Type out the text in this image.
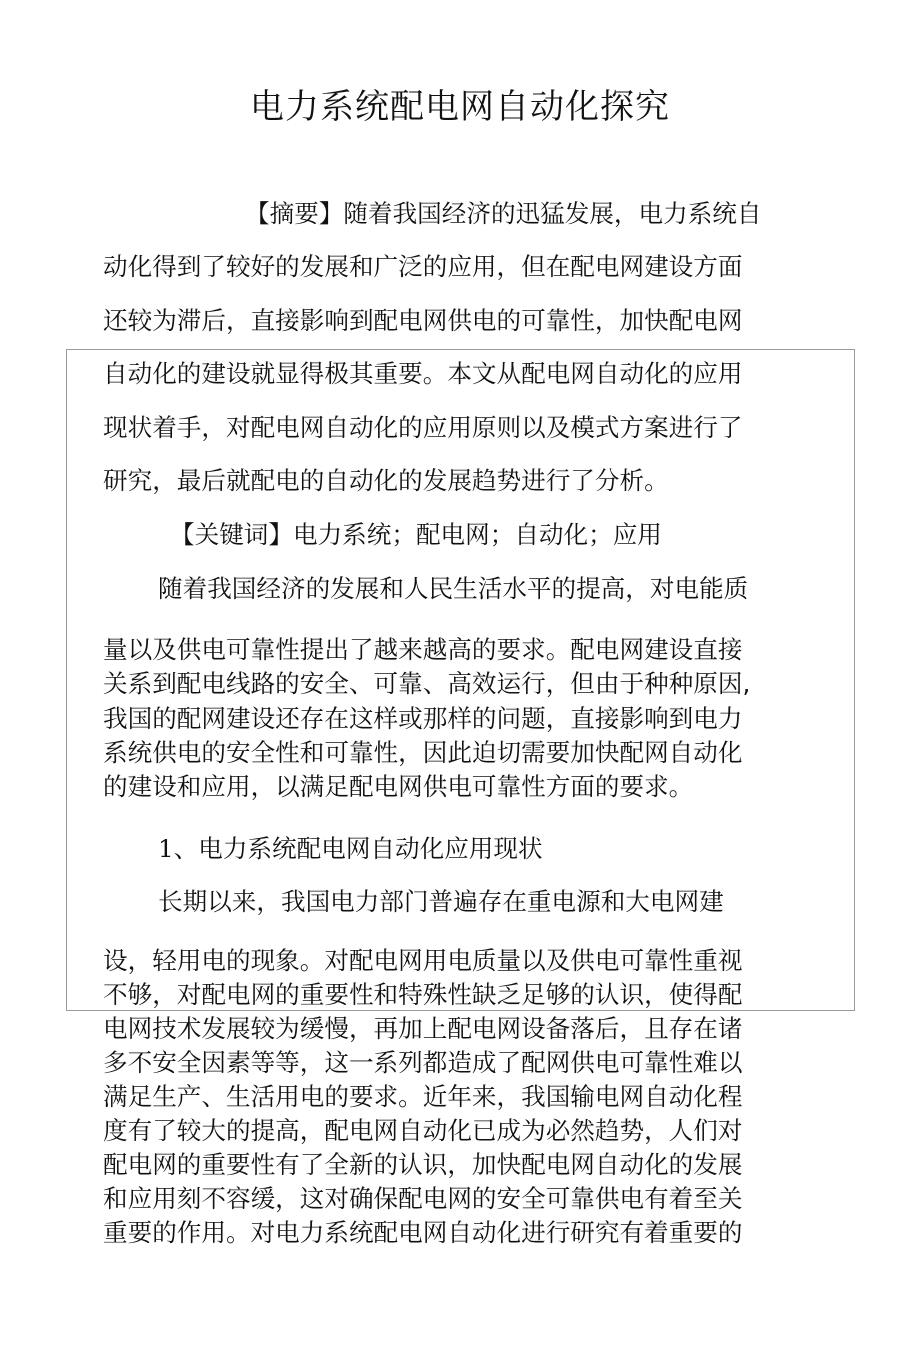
电力系统配电网自动化探究
【摘要】随着我国经济的迅猛发展，电力系统自
动化得到了较好的发展和广泛的应用，但在配电网建设方面
还较为滞后，直接影响到配电网供电的可靠性，加快配电网
自动化的建设就显得极其重要。本文从配电网自动化的应用
现状着手，对配电网自动化的应用原则以及模式方案进行了
研究，最后就配电的自动化的发展趋势进行了分析。
【关键词】电力系统；配电网；自动化；应用
随着我国经济的发展和人民生活水平的提高，对电能质
量以及供电可靠性提出了越来越高的要求。配电网建设直接
关系到配电线路的安全、可靠、高效运行，但由于种种原因,
我国的配网建设还存在这样或那样的问题，直接影响到电力
系统供电的安全性和可靠性，因此迫切需要加快配网自动化
的建设和应用，以满足配电网供电可靠性方面的要求。
1、电力系统配电网自动化应用现状
长期以来，我国电力部门普遍存在重电源和大电网建
设，轻用电的现象。对配电网用电质量以及供电可靠性重视
不够，对配电网的重要性和特殊性缺乏足够的认识，使得配
电网技术发展较为缓慢，再加上配电网设备落后，且存在诸
多不安全因素等等，这一系列都造成了配网供电可靠性难以
满足生产、生活用电的要求。近年来，我国输电网自动化程
度有了较大的提高，配电网自动化已成为必然趋势，人们对
配电网的重要性有了全新的认识，加快配电网自动化的发展
和应用刻不容缓，这对确保配电网的安全可靠供电有着至关
重要的作用。对电力系统配电网自动化进行研究有着重要的
